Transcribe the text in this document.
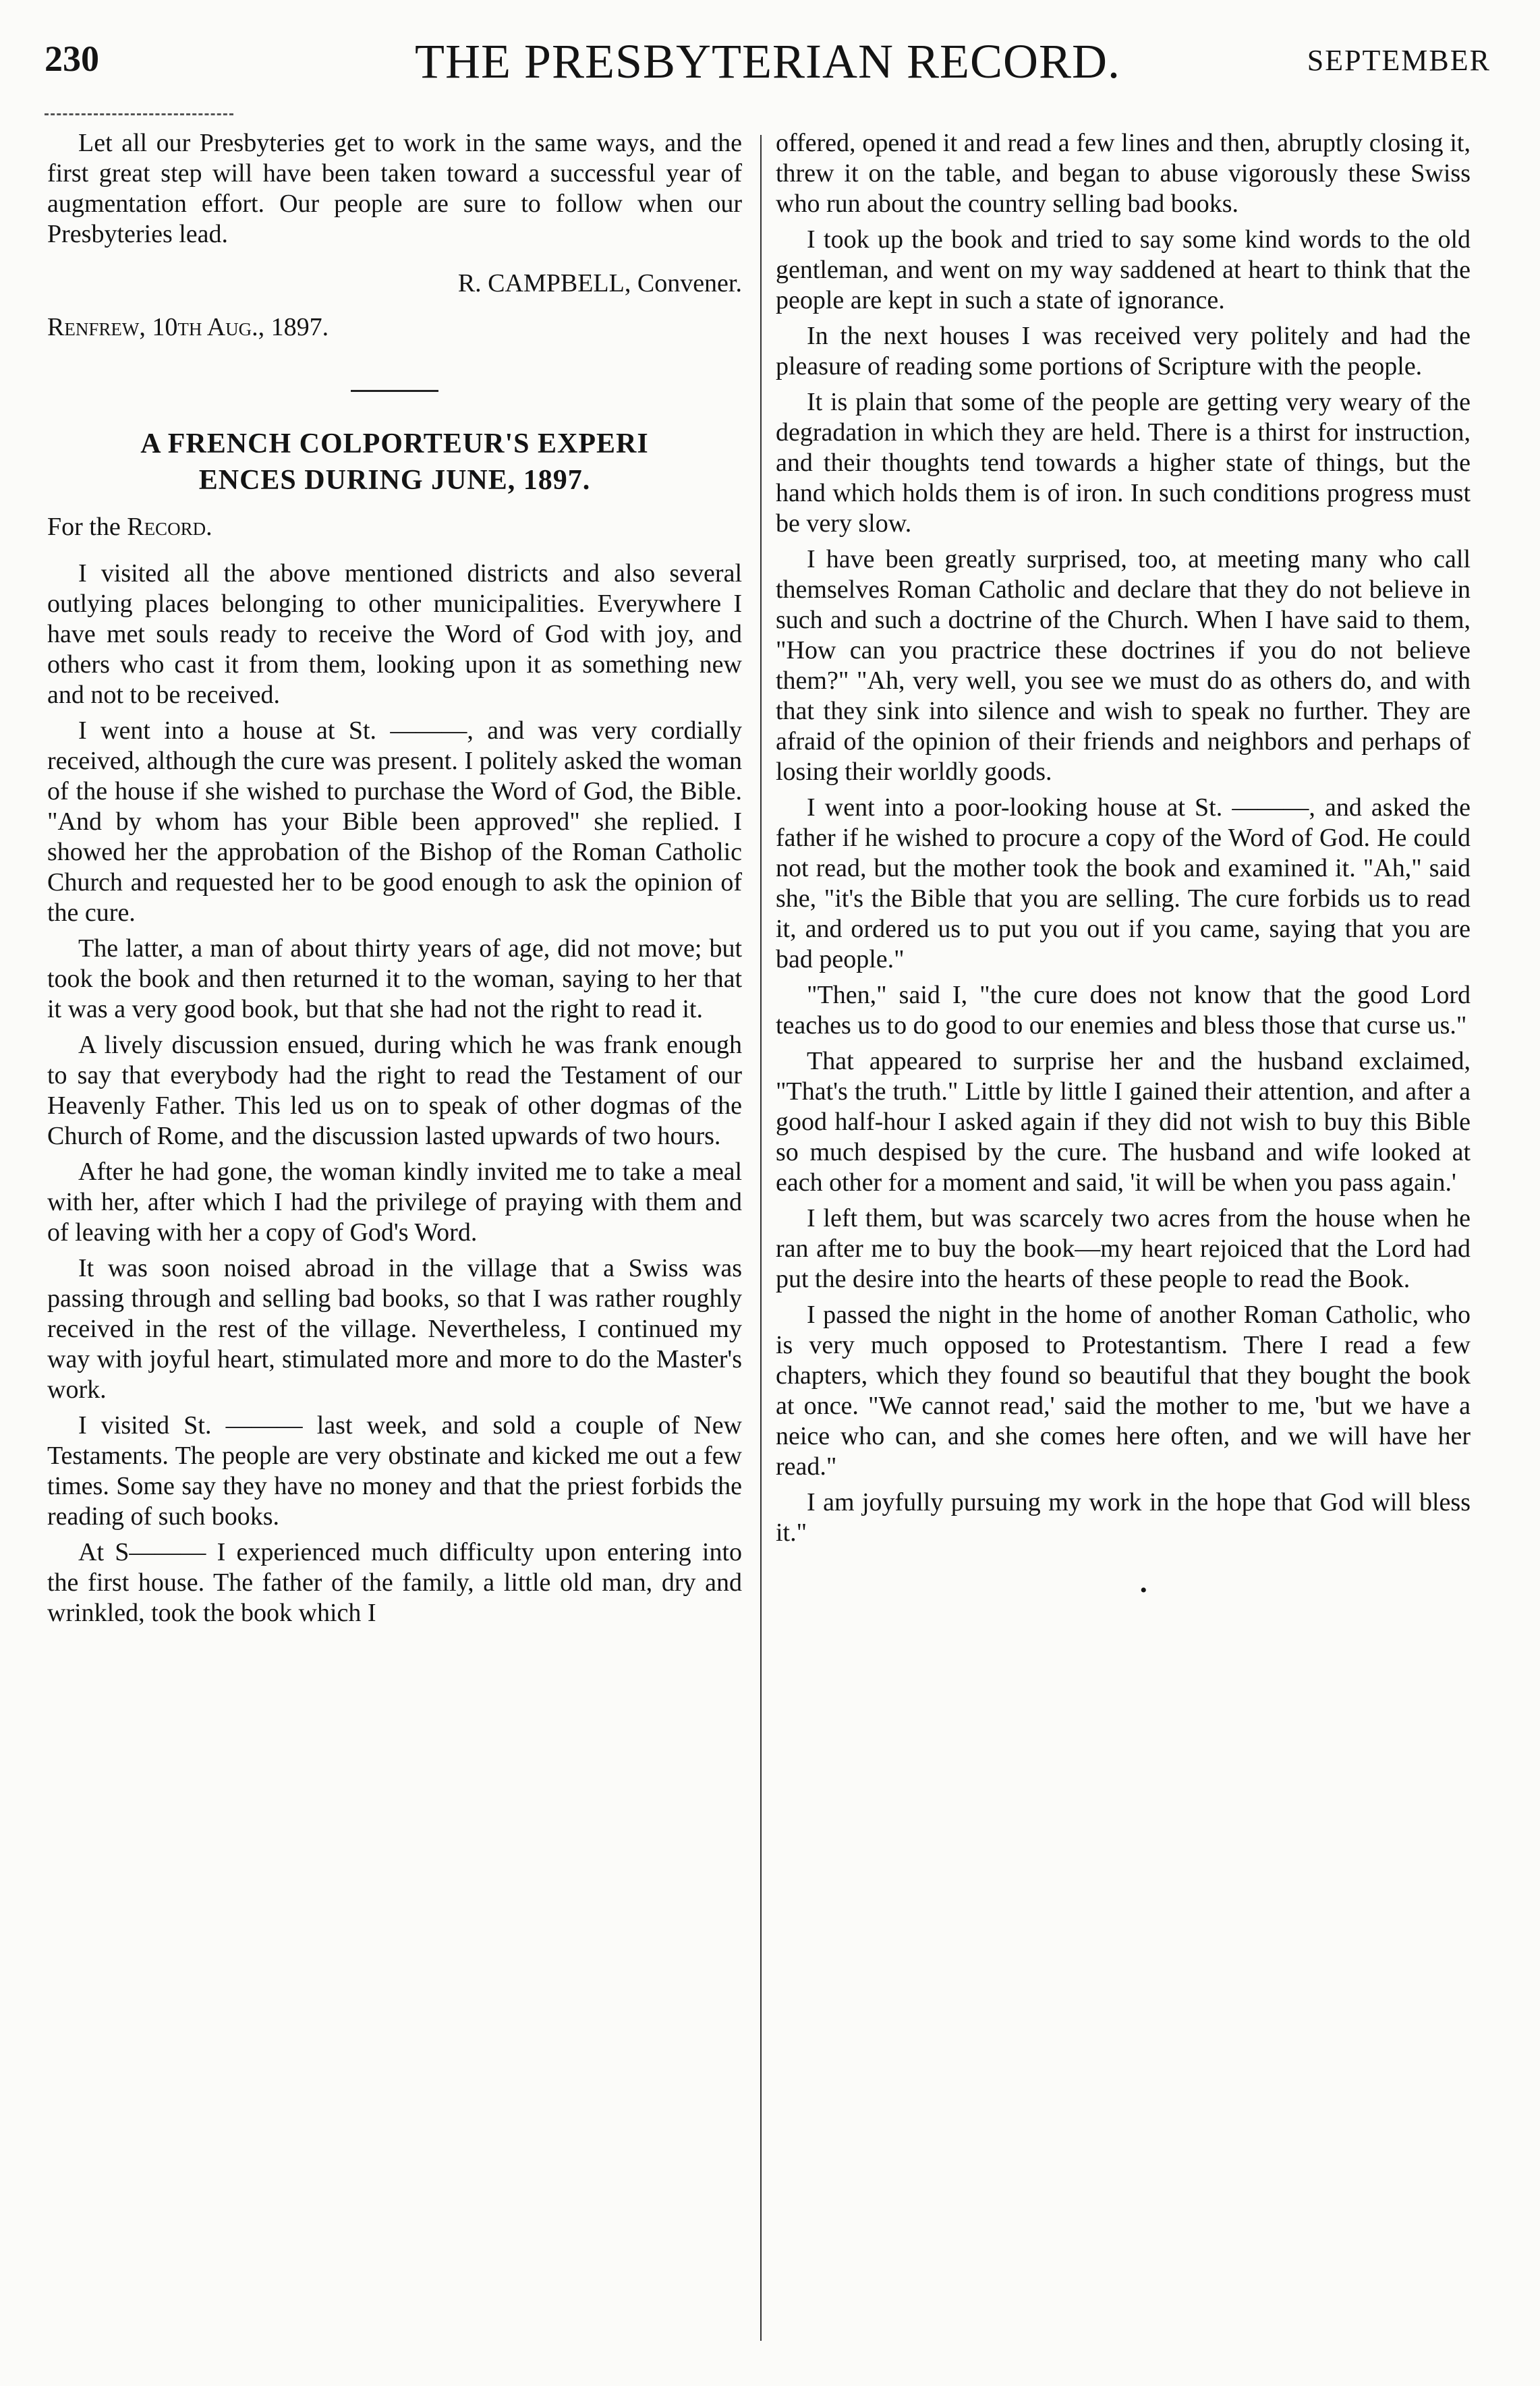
230	THE PRESBYTERIAN RECORD.	SEPTEMBER

Let all our Presbyteries get to work in the same ways, and the first great step will have been taken toward a successful year of augmentation effort. Our people are sure to follow when our Presbyteries lead.

R. CAMPBELL, Convener.

Renfrew, 10th Aug., 1897.

A FRENCH COLPORTEUR'S EXPERI
ENCES DURING JUNE, 1897.

For the Record.

I visited all the above mentioned districts and also several outlying places belonging to other municipalities. Everywhere I have met souls ready to receive the Word of God with joy, and others who cast it from them, looking upon it as something new and not to be received.

I went into a house at St. ———, and was very cordially received, although the cure was present. I politely asked the woman of the house if she wished to purchase the Word of God, the Bible. "And by whom has your Bible been approved" she replied. I showed her the approbation of the Bishop of the Roman Catholic Church and requested her to be good enough to ask the opinion of the cure.

The latter, a man of about thirty years of age, did not move; but took the book and then returned it to the woman, saying to her that it was a very good book, but that she had not the right to read it.

A lively discussion ensued, during which he was frank enough to say that everybody had the right to read the Testament of our Heavenly Father. This led us on to speak of other dogmas of the Church of Rome, and the discussion lasted upwards of two hours.

After he had gone, the woman kindly invited me to take a meal with her, after which I had the privilege of praying with them and of leaving with her a copy of God's Word.

It was soon noised abroad in the village that a Swiss was passing through and selling bad books, so that I was rather roughly received in the rest of the village. Nevertheless, I continued my way with joyful heart, stimulated more and more to do the Master's work.

I visited St. ——— last week, and sold a couple of New Testaments. The people are very obstinate and kicked me out a few times. Some say they have no money and that the priest forbids the reading of such books.

At S——— I experienced much difficulty upon entering into the first house. The father of the family, a little old man, dry and wrinkled, took the book which I

offered, opened it and read a few lines and then, abruptly closing it, threw it on the table, and began to abuse vigorously these Swiss who run about the country selling bad books.

I took up the book and tried to say some kind words to the old gentleman, and went on my way saddened at heart to think that the people are kept in such a state of ignorance.

In the next houses I was received very politely and had the pleasure of reading some portions of Scripture with the people.

It is plain that some of the people are getting very weary of the degradation in which they are held. There is a thirst for instruction, and their thoughts tend towards a higher state of things, but the hand which holds them is of iron. In such conditions progress must be very slow.

I have been greatly surprised, too, at meeting many who call themselves Roman Catholic and declare that they do not believe in such and such a doctrine of the Church. When I have said to them, "How can you practrice these doctrines if you do not believe them?" "Ah, very well, you see we must do as others do, and with that they sink into silence and wish to speak no further. They are afraid of the opinion of their friends and neighbors and perhaps of losing their worldly goods.

I went into a poor-looking house at St. ———, and asked the father if he wished to procure a copy of the Word of God. He could not read, but the mother took the book and examined it. "Ah," said she, "it's the Bible that you are selling. The cure forbids us to read it, and ordered us to put you out if you came, saying that you are bad people."

"Then," said I, "the cure does not know that the good Lord teaches us to do good to our enemies and bless those that curse us."

That appeared to surprise her and the husband exclaimed, "That's the truth." Little by little I gained their attention, and after a good half-hour I asked again if they did not wish to buy this Bible so much despised by the cure. The husband and wife looked at each other for a moment and said, 'it will be when you pass again.'

I left them, but was scarcely two acres from the house when he ran after me to buy the book—my heart rejoiced that the Lord had put the desire into the hearts of these people to read the Book.

I passed the night in the home of another Roman Catholic, who is very much opposed to Protestantism. There I read a few chapters, which they found so beautiful that they bought the book at once. "We cannot read,' said the mother to me, 'but we have a neice who can, and she comes here often, and we will have her read."

I am joyfully pursuing my work in the hope that God will bless it."

•
